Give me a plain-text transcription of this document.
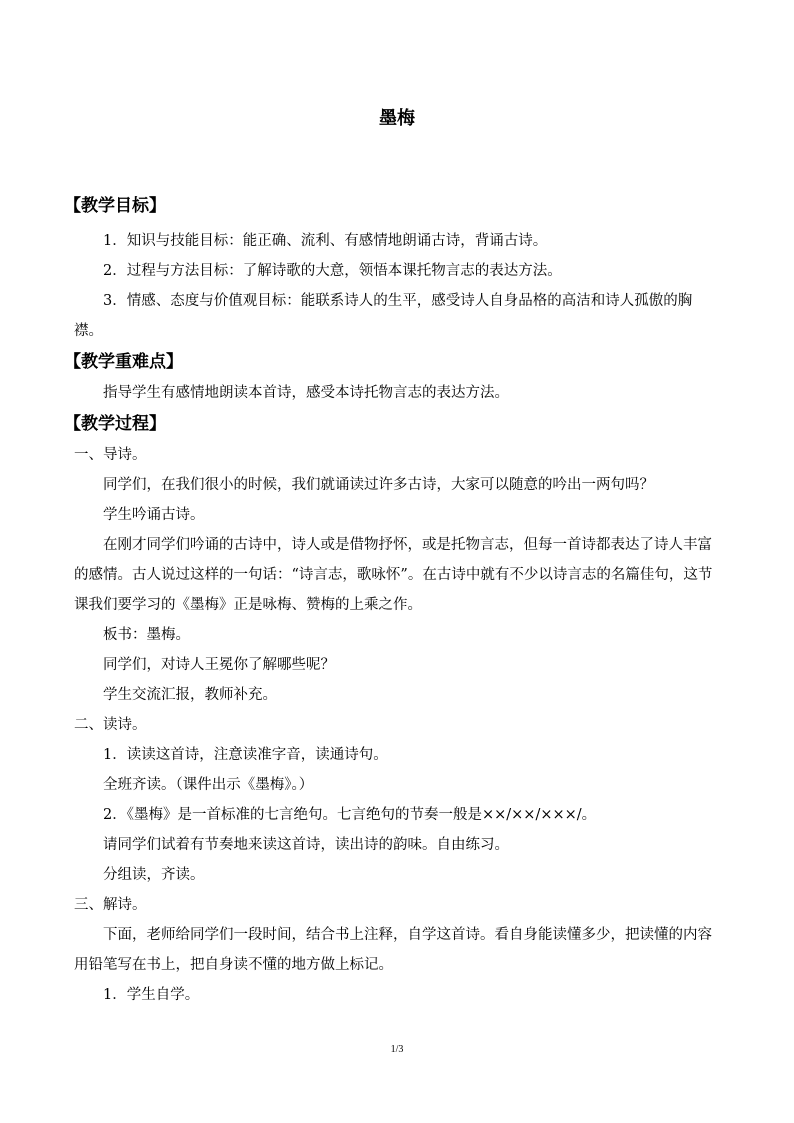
墨梅
【教学目标】

1．知识与技能目标：能正确、流利、有感情地朗诵古诗，背诵古诗。

2．过程与方法目标：了解诗歌的大意，领悟本课托物言志的表达方法。

3．情感、态度与价值观目标：能联系诗人的生平，感受诗人自身品格的高洁和诗人孤傲的胸襟。

【教学重难点】

指导学生有感情地朗读本首诗，感受本诗托物言志的表达方法。

【教学过程】

一、导诗。

同学们，在我们很小的时候，我们就诵读过许多古诗，大家可以随意的吟出一两句吗？

学生吟诵古诗。

在刚才同学们吟诵的古诗中，诗人或是借物抒怀，或是托物言志，但每一首诗都表达了诗人丰富的感情。古人说过这样的一句话：“诗言志，歌咏怀”。在古诗中就有不少以诗言志的名篇佳句，这节课我们要学习的《墨梅》正是咏梅、赞梅的上乘之作。

板书：墨梅。

同学们，对诗人王冕你了解哪些呢？

学生交流汇报，教师补充。

二、读诗。

1．读读这首诗，注意读准字音，读通诗句。

全班齐读。（课件出示《墨梅》。）

2．《墨梅》是一首标准的七言绝句。七言绝句的节奏一般是××/××/×××/。

请同学们试着有节奏地来读这首诗，读出诗的韵味。自由练习。

分组读，齐读。

三、解诗。

下面，老师给同学们一段时间，结合书上注释，自学这首诗。看自身能读懂多少，把读懂的内容用铅笔写在书上，把自身读不懂的地方做上标记。

1．学生自学。

1/3
